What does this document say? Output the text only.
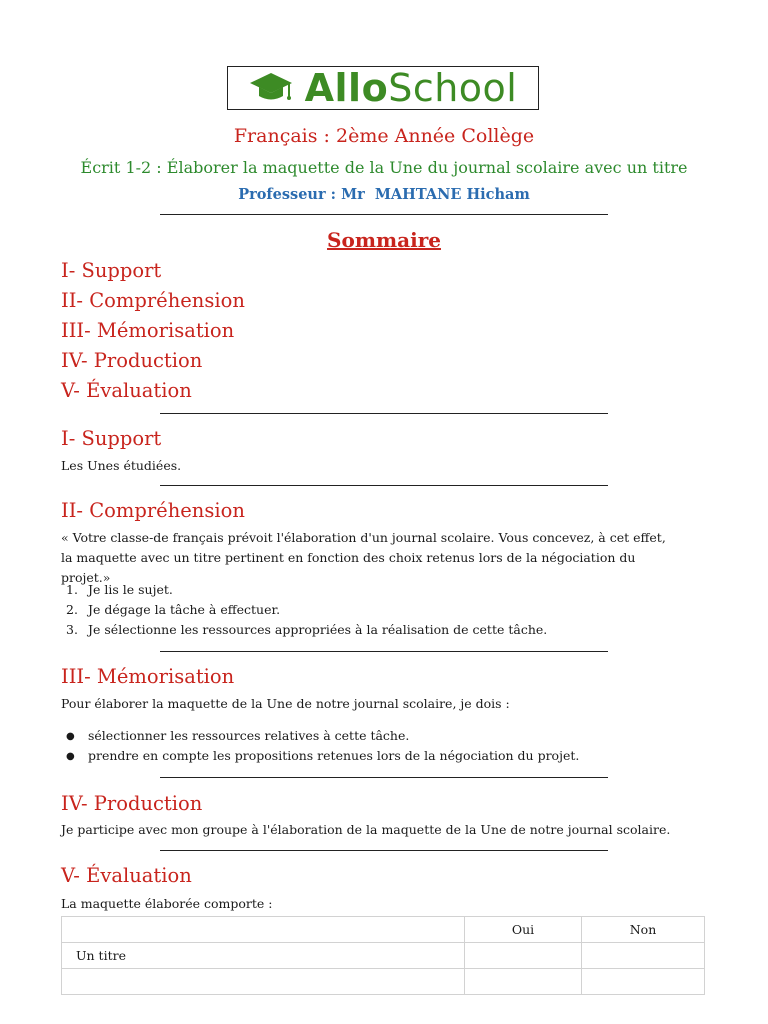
AlloSchool
Français : 2ème Année Collège
Écrit 1-2 : Élaborer la maquette de la Une du journal scolaire avec un titre
Professeur : Mr MAHTANE Hicham
Sommaire
I- Support
II- Compréhension
III- Mémorisation
IV- Production
V- Évaluation
I- Support

Les Unes étudiées.

II- Compréhension

« Votre classe-de français prévoit l'élaboration d'un journal scolaire. Vous concevez, à cet effet, la maquette avec un titre pertinent en fonction des choix retenus lors de la négociation du projet.»

1. Je lis le sujet.
2. Je dégage la tâche à effectuer.
3. Je sélectionne les ressources appropriées à la réalisation de cette tâche.
III- Mémorisation

Pour élaborer la maquette de la Une de notre journal scolaire, je dois :

● sélectionner les ressources relatives à cette tâche.
● prendre en compte les propositions retenues lors de la négociation du projet.
IV- Production

Je participe avec mon groupe à l'élaboration de la maquette de la Une de notre journal scolaire.

V- Évaluation

La maquette élaborée comporte :

	Oui	Non
Un titre		
